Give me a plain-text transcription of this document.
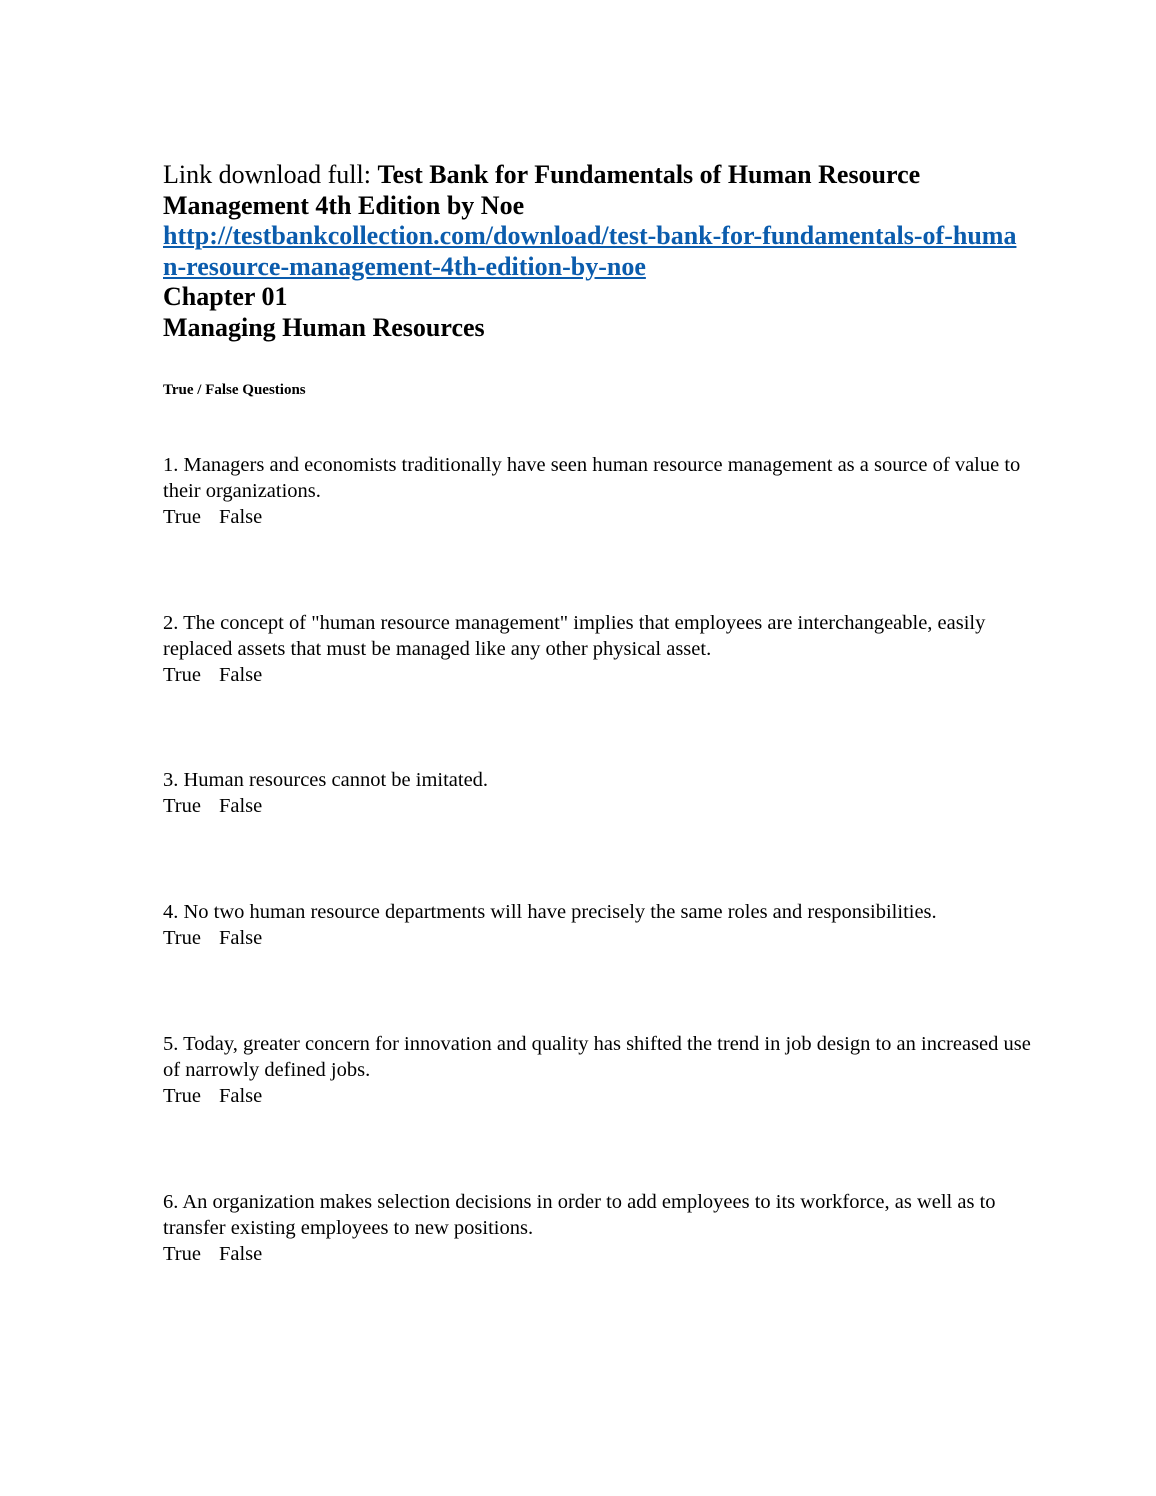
Link download full: Test Bank for Fundamentals of Human Resource Management 4th Edition by Noe
http://testbankcollection.com/download/test-bank-for-fundamentals-of-human-resource-management-4th-edition-by-noe
Chapter 01
Managing Human Resources
True / False Questions
1. Managers and economists traditionally have seen human resource management as a source of value to their organizations.
True False
2. The concept of "human resource management" implies that employees are interchangeable, easily replaced assets that must be managed like any other physical asset.
True False
3. Human resources cannot be imitated.
True False
4. No two human resource departments will have precisely the same roles and responsibilities.
True False
5. Today, greater concern for innovation and quality has shifted the trend in job design to an increased use of narrowly defined jobs.
True False
6. An organization makes selection decisions in order to add employees to its workforce, as well as to transfer existing employees to new positions.
True False
